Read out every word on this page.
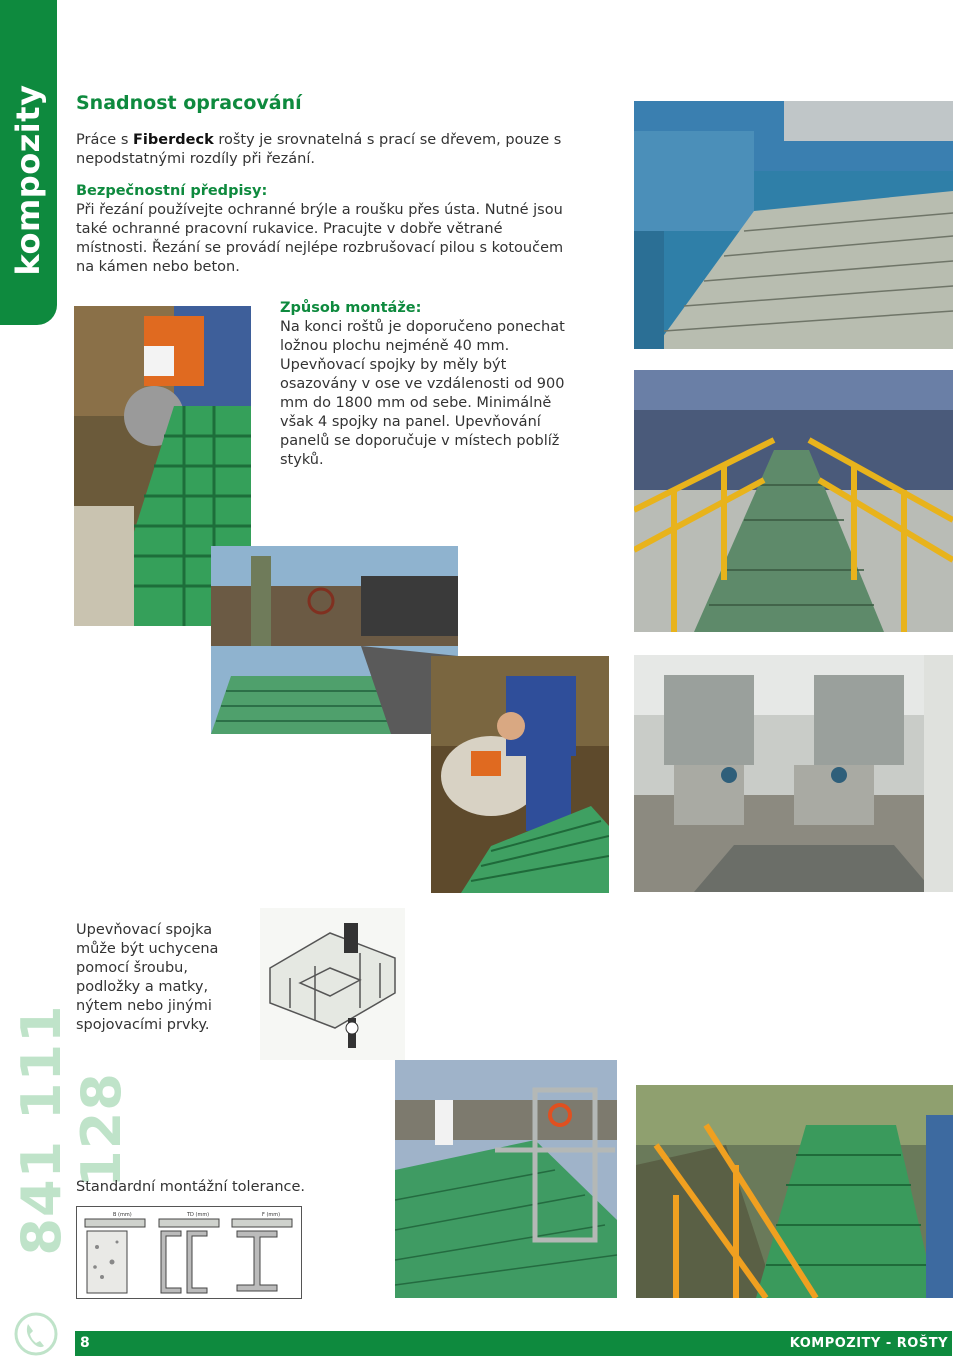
kompozity
841 111 128
Snadnost opracování
Práce s Fiberdeck rošty je srovnatelná s prací se dřevem, pouze s nepodstatnými rozdíly při řezání.
Bezpečnostní předpisy:
Při řezání používejte ochranné brýle a roušku přes ústa. Nutné jsou také ochranné pracovní rukavice. Pracujte v dobře větrané místnosti. Řezání se provádí nejlépe rozbrušovací pilou s kotoučem na kámen nebo beton.
Způsob montáže:
Na konci roštů je doporučeno ponechat ložnou plochu nejméně 40 mm. Upevňovací spojky by měly být osazovány v ose ve vzdálenosti od 900 mm do 1800 mm od sebe. Minimálně však 4 spojky na panel. Upevňování panelů se doporučuje v místech poblíž styků.
Upevňovací spojka může být uchycena pomocí šroubu, podložky a matky, nýtem nebo jinými spojovacími prvky.
Standardní montážní tolerance.
B (mm)	TD (mm)	F (mm)
8	KOMPOZITY - ROŠTY
